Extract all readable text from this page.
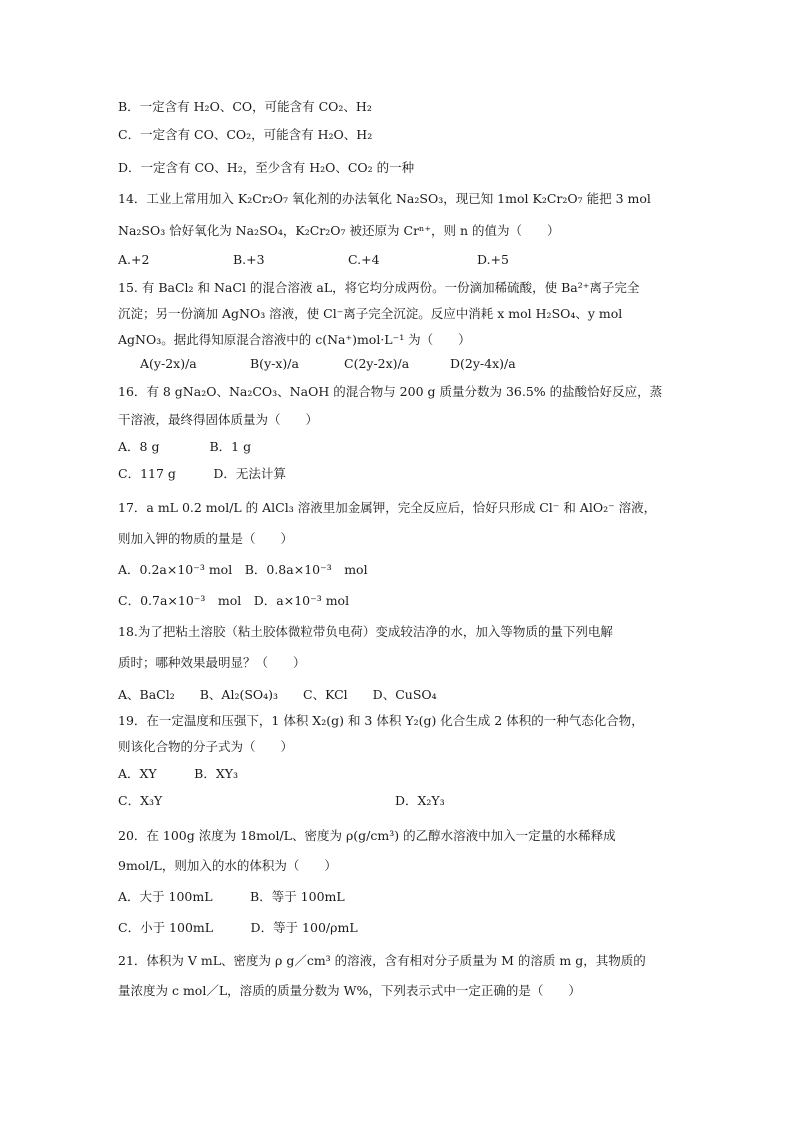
B．一定含有 H₂O、CO，可能含有 CO₂、H₂
C．一定含有 CO、CO₂，可能含有 H₂O、H₂
D．一定含有 CO、H₂，至少含有 H₂O、CO₂ 的一种
14．工业上常用加入 K₂Cr₂O₇ 氧化剂的办法氧化 Na₂SO₃，现已知 1mol K₂Cr₂O₇ 能把 3 mol
Na₂SO₃ 恰好氧化为 Na₂SO₄，K₂Cr₂O₇ 被还原为 Crⁿ⁺，则 n 的值为（　　）
A.+2	B.+3	C.+4	D.+5
15. 有 BaCl₂ 和 NaCl 的混合溶液 aL，将它均分成两份。一份滴加稀硫酸，使 Ba²⁺离子完全
沉淀；另一份滴加 AgNO₃ 溶液，使 Cl⁻离子完全沉淀。反应中消耗 x mol H₂SO₄、y mol
AgNO₃。据此得知原混合溶液中的 c(Na⁺)mol·L⁻¹ 为（　　）
A(y-2x)/a	B(y-x)/a	C(2y-2x)/a	D(2y-4x)/a
16．有 8 gNa₂O、Na₂CO₃、NaOH 的混合物与 200 g 质量分数为 36.5% 的盐酸恰好反应，蒸
干溶液，最终得固体质量为（　　）
A．8 g　　　　B．1 g
C．117 g　　　D．无法计算
17．a mL 0.2 mol/L 的 AlCl₃ 溶液里加金属钾，完全反应后，恰好只形成 Cl⁻ 和 AlO₂⁻ 溶液，
则加入钾的物质的量是（　　）
A．0.2a×10⁻³ mol　B．0.8a×10⁻³　mol
C．0.7a×10⁻³　mol　D．a×10⁻³ mol
18.为了把粘土溶胶（粘土胶体微粒带负电荷）变成较洁净的水，加入等物质的量下列电解
质时；哪种效果最明显？（　　）
A、BaCl₂　　B、Al₂(SO₄)₃　　C、KCl　　D、CuSO₄
19．在一定温度和压强下，1 体积 X₂(g) 和 3 体积 Y₂(g) 化合生成 2 体积的一种气态化合物，
则该化合物的分子式为（　　）
A．XY　　　B．XY₃
C．X₃Y	D．X₂Y₃
20．在 100g 浓度为 18mol/L、密度为 ρ(g/cm³) 的乙醇水溶液中加入一定量的水稀释成
9mol/L，则加入的水的体积为（　　）
A．大于 100mL　　　B．等于 100mL
C．小于 100mL　　　D．等于 100/ρmL
21．体积为 V mL、密度为 ρ g／cm³ 的溶液，含有相对分子质量为 M 的溶质 m g，其物质的
量浓度为 c mol／L，溶质的质量分数为 W%，下列表示式中一定正确的是（　　）
